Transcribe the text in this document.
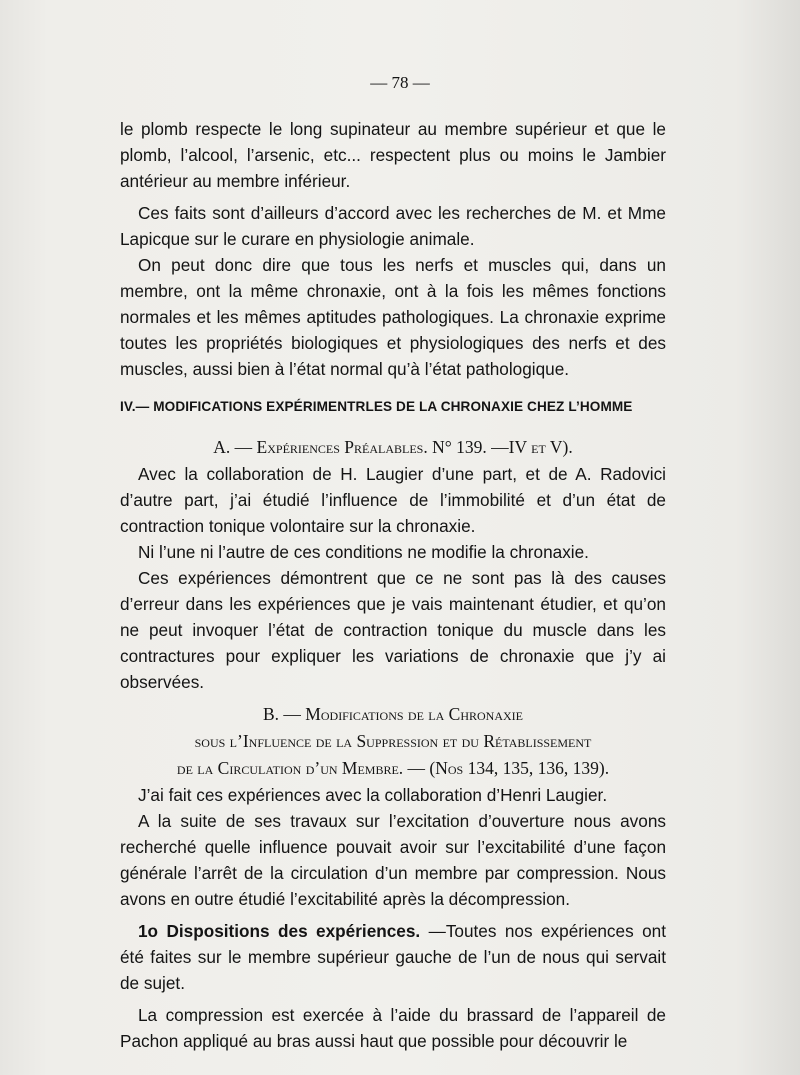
— 78 —

le plomb respecte le long supinateur au membre supérieur et que le plomb, l’alcool, l’arsenic, etc... respectent plus ou moins le Jambier antérieur au membre inférieur.

Ces faits sont d’ailleurs d’accord avec les recherches de M. et Mme Lapicque sur le curare en physiologie animale.

On peut donc dire que tous les nerfs et muscles qui, dans un membre, ont la même chronaxie, ont à la fois les mêmes fonctions normales et les mêmes aptitudes pathologiques. La chronaxie exprime toutes les propriétés biologiques et physiologiques des nerfs et des muscles, aussi bien à l’état normal qu’à l’état pathologique.

IV.— MODIFICATIONS EXPÉRIMENTRLES DE LA CHRONAXIE CHEZ L’HOMME

A. — Expériences Préalables. N° 139. —IV et V).

Avec la collaboration de H. Laugier d’une part, et de A. Radovici d’autre part, j’ai étudié l’influence de l’immobilité et d’un état de contraction tonique volontaire sur la chronaxie.

Ni l’une ni l’autre de ces conditions ne modifie la chronaxie.

Ces expériences démontrent que ce ne sont pas là des causes d’erreur dans les expériences que je vais maintenant étudier, et qu’on ne peut invoquer l’état de contraction tonique du muscle dans les contractures pour expliquer les variations de chronaxie que j’y ai observées.

B. — Modifications de la Chronaxie

sous l’Influence de la Suppression et du Rétablissement

de la Circulation d’un Membre. — (Nos 134, 135, 136, 139).

J’ai fait ces expériences avec la collaboration d’Henri Laugier.

A la suite de ses travaux sur l’excitation d’ouverture nous avons recherché quelle influence pouvait avoir sur l’excitabilité d’une façon générale l’arrêt de la circulation d’un membre par compression. Nous avons en outre étudié l’excitabilité après la décompression.

1o Dispositions des expériences. —Toutes nos expériences ont été faites sur le membre supérieur gauche de l’un de nous qui servait de sujet.

La compression est exercée à l’aide du brassard de l’appareil de Pachon appliqué au bras aussi haut que possible pour découvrir le
